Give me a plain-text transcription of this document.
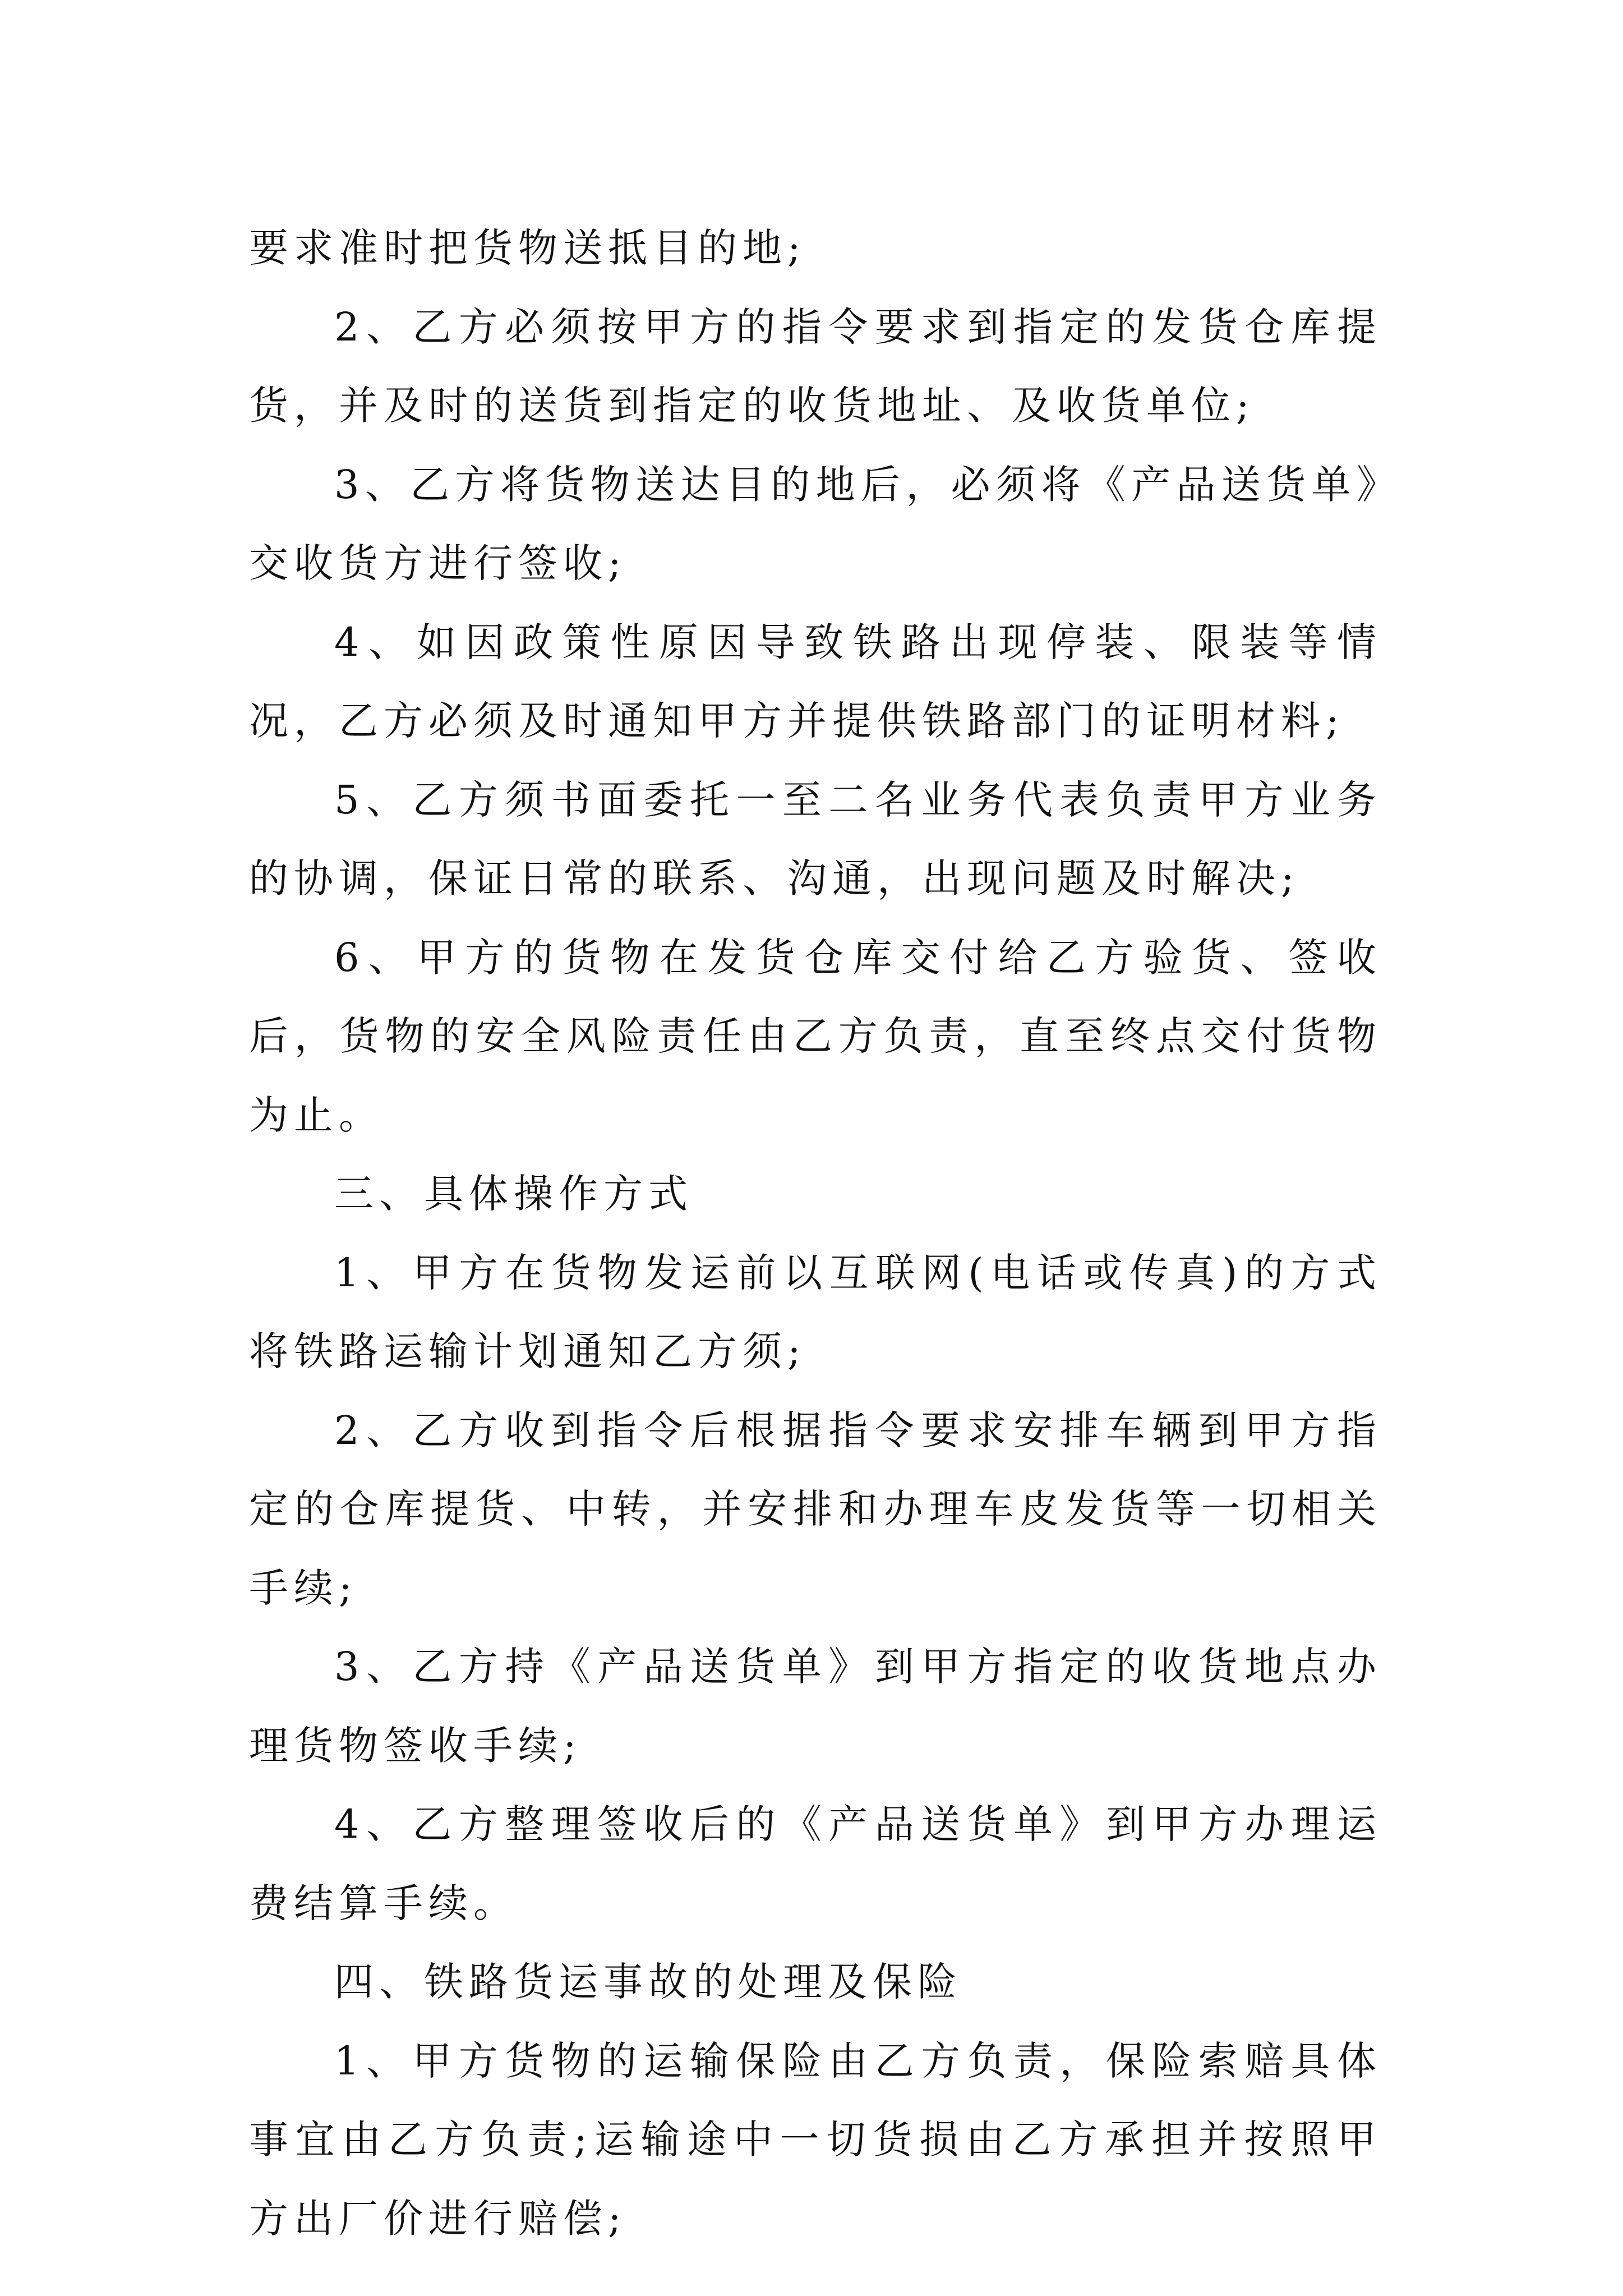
要求准时把货物送抵目的地;

2、乙方必须按甲方的指令要求到指定的发货仓库提货，并及时的送货到指定的收货地址、及收货单位;

3、乙方将货物送达目的地后，必须将《产品送货单》交收货方进行签收;

4、如因政策性原因导致铁路出现停装、限装等情况，乙方必须及时通知甲方并提供铁路部门的证明材料;

5、乙方须书面委托一至二名业务代表负责甲方业务的协调，保证日常的联系、沟通，出现问题及时解决;

6、甲方的货物在发货仓库交付给乙方验货、签收后，货物的安全风险责任由乙方负责，直至终点交付货物为止。

三、具体操作方式

1、甲方在货物发运前以互联网(电话或传真)的方式将铁路运输计划通知乙方须;

2、乙方收到指令后根据指令要求安排车辆到甲方指定的仓库提货、中转，并安排和办理车皮发货等一切相关手续;

3、乙方持《产品送货单》到甲方指定的收货地点办理货物签收手续;

4、乙方整理签收后的《产品送货单》到甲方办理运费结算手续。

四、铁路货运事故的处理及保险

1、甲方货物的运输保险由乙方负责，保险索赔具体事宜由乙方负责;运输途中一切货损由乙方承担并按照甲方出厂价进行赔偿;
